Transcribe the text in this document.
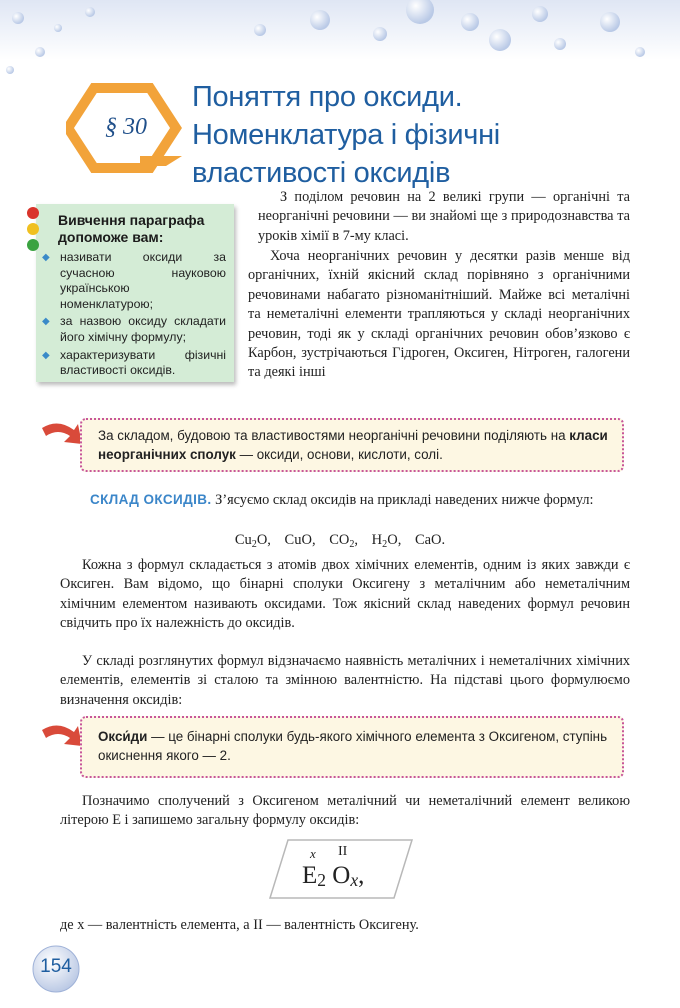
§ 30
Поняття про оксиди.
Номенклатура і фізичні
властивості оксидів
Вивчення параграфа
допоможе вам:
◆ називати оксиди за сучасною науковою українською номенклатурою;
◆ за назвою оксиду складати його хімічну формулу;
◆ характеризувати фізичні властивості оксидів.
З поділом речовин на 2 великі групи — органічні та неорганічні речовини — ви знайомі ще з природознавства та уроків хімії в 7-му класі.
Хоча неорганічних речовин у десятки разів менше від органічних, їхній якісний склад порівняно з органічними речовинами набагато різноманітніший. Майже всі металічні та неметалічні елементи трапляються у складі неорганічних речовин, тоді як у складі органічних речовин обов’язково є Карбон, зустрічаються Гідроген, Оксиген, Нітроген, галогени та деякі інші
За складом, будовою та властивостями неорганічні речовини поділяють на класи неорганічних сполук — оксиди, основи, кислоти, солі.
СКЛАД ОКСИДІВ. З’ясуємо склад оксидів на прикладі наведених нижче формул:
$Cu_2O$, CuO, $CO_2$, $H_2O$, CaO.
Кожна з формул складається з атомів двох хімічних елементів, одним із яких завжди є Оксиген. Вам відомо, що бінарні сполуки Оксигену з металічним або неметалічним хімічним елементом називають оксидами. Тож якісний склад наведених формул речовин свідчить про їх належність до оксидів.
У складі розглянутих формул відзначаємо наявність металічних і неметалічних хімічних елементів, елементів зі сталою та змінною валентністю. На підставі цього формулюємо визначення оксидів:
Окси́ди — це бінарні сполуки будь-якого хімічного елемента з Оксигеном, ступінь окиснення якого — 2.
Позначимо сполучений з Оксигеном металічний чи неметалічний елемент великою літерою Е і запишемо загальну формулу оксидів:
x II
$E_2$ $O_x$,
де x — валентність елемента, а II — валентність Оксигену.
154
